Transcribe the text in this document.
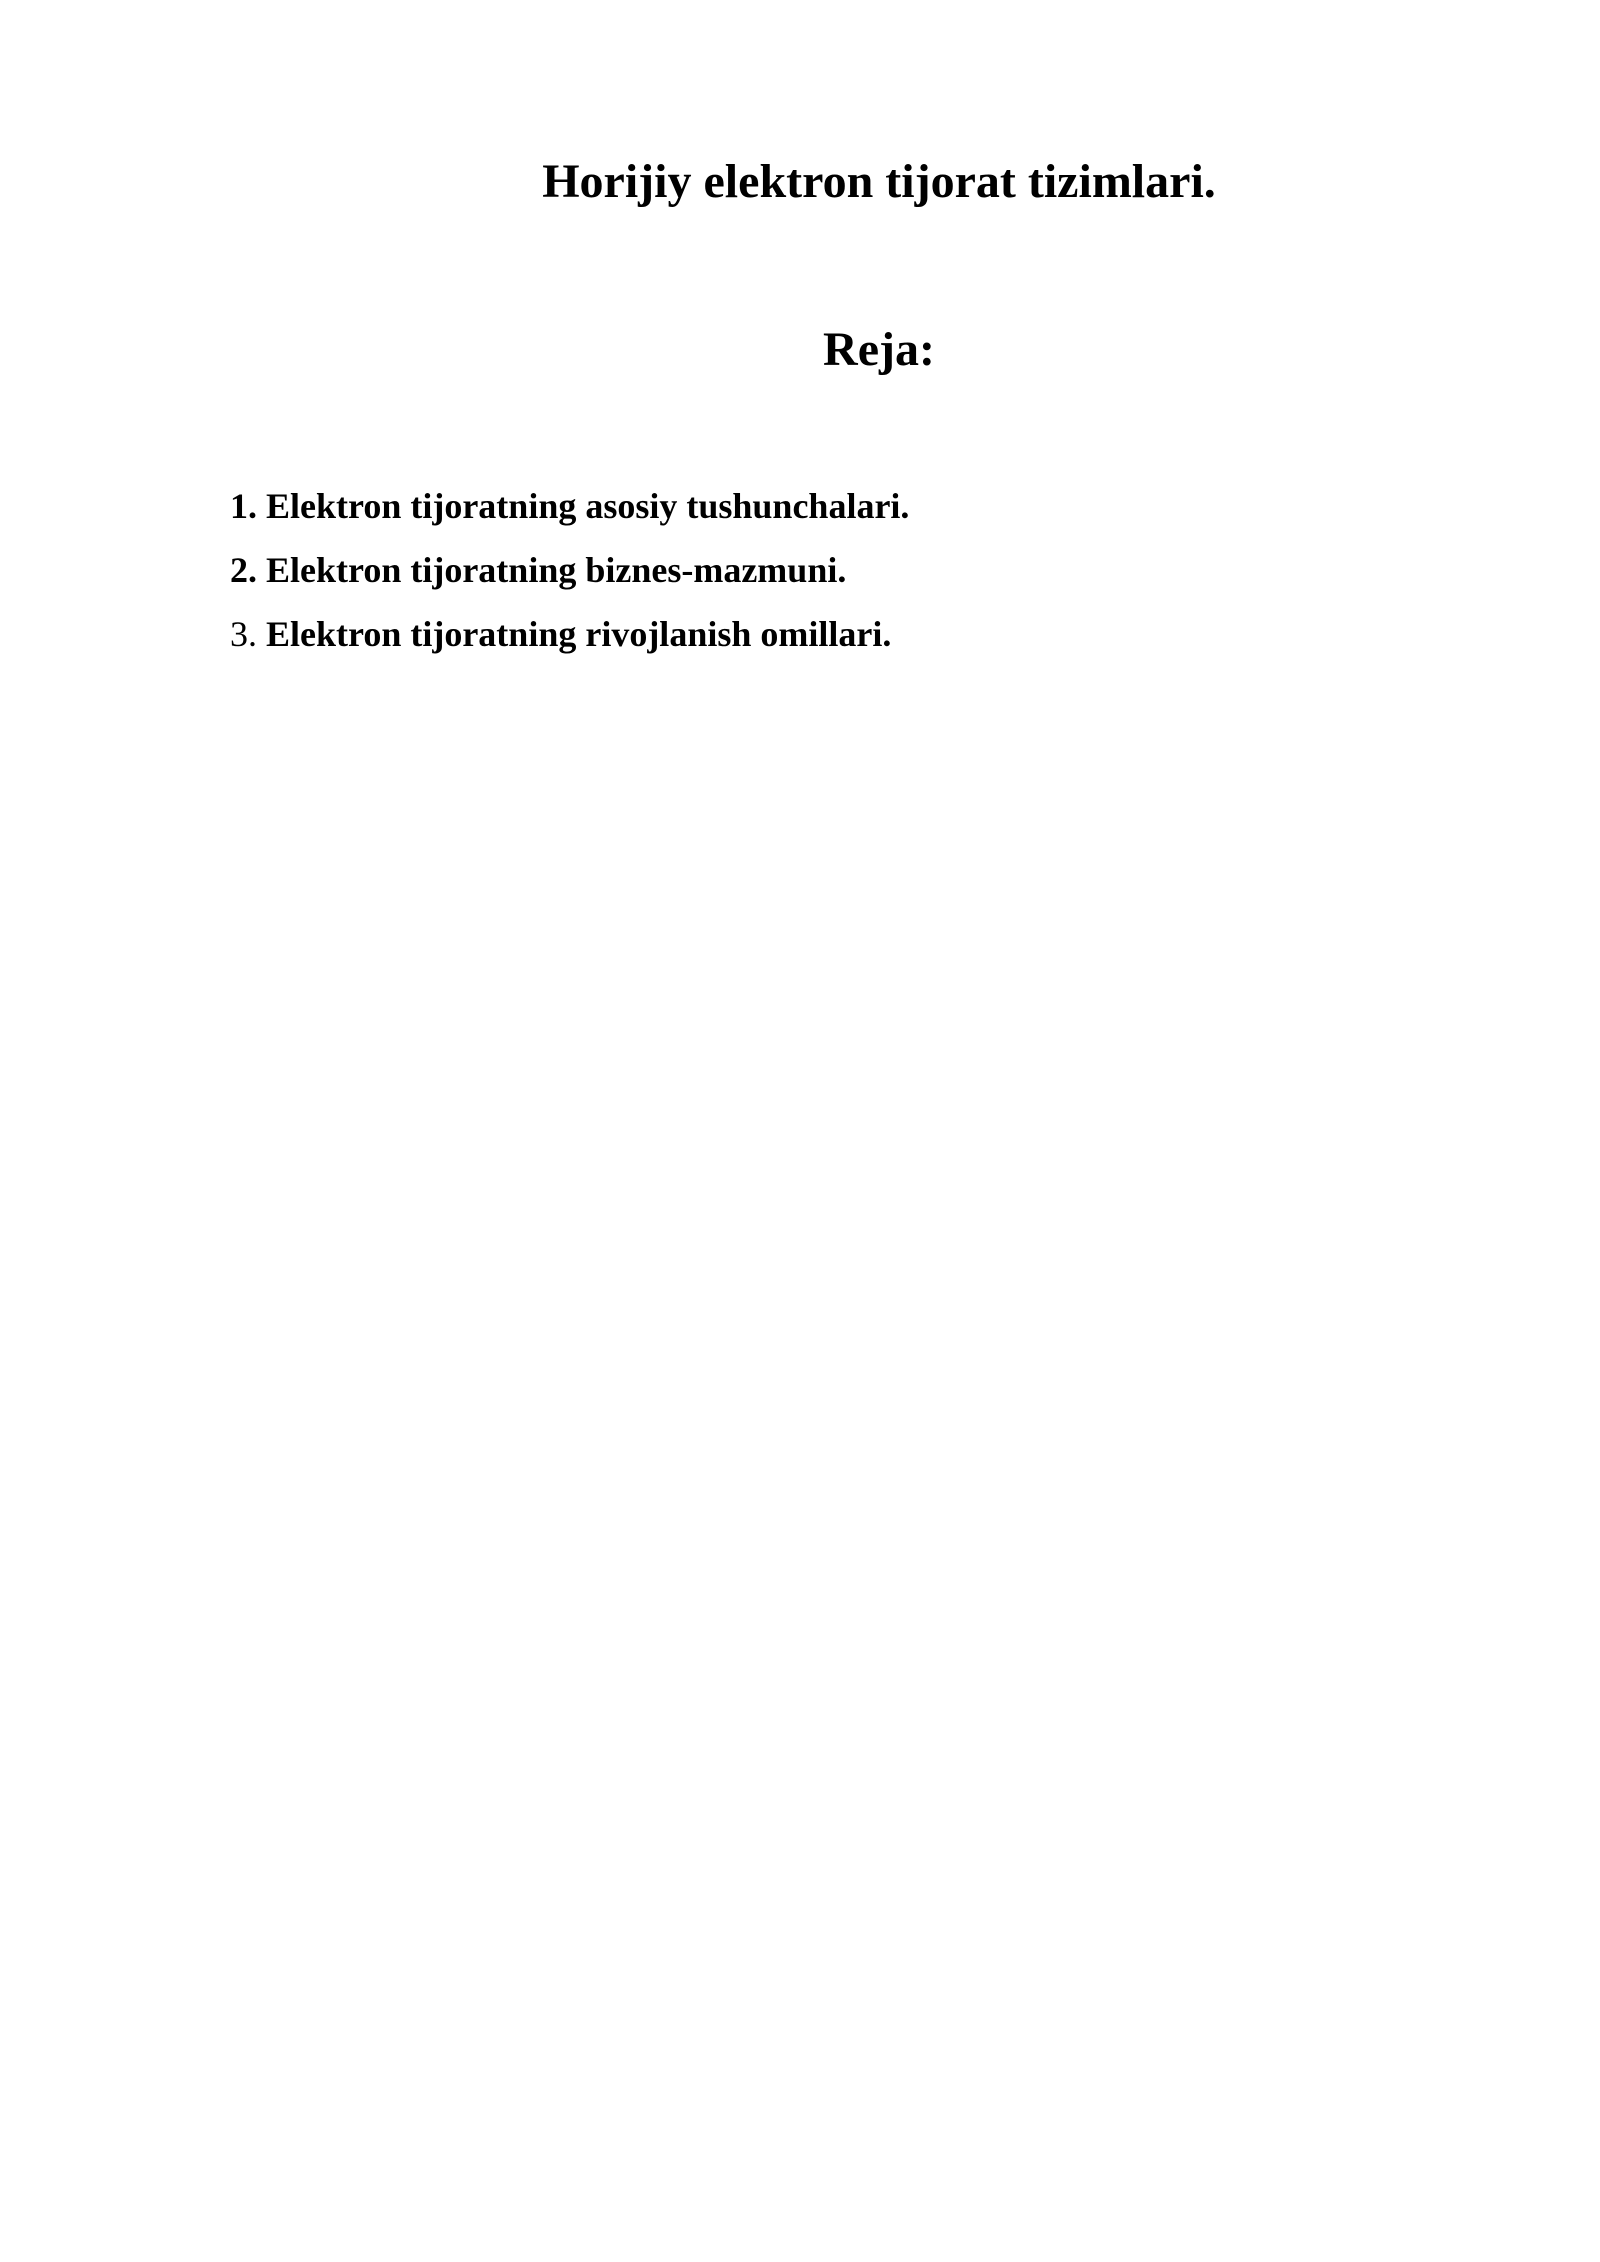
Horijiy elektron tijorat tizimlari.
Reja:
1. Elektron tijoratning asosiy tushunchalari.
2. Elektron tijoratning biznes-mazmuni.
3. Elektron tijoratning rivojlanish omillari.
